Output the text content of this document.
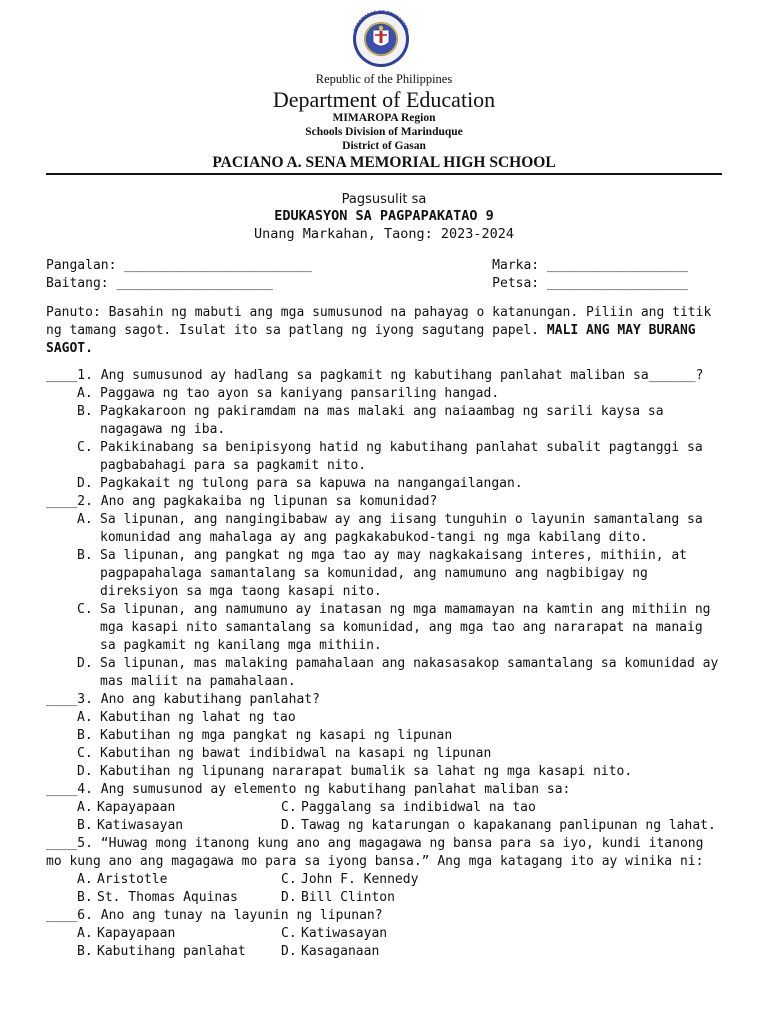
KAGAWARAN NG EDUKASYON
REPUBLIKA NG PILIPINAS
Republic of the Philippines
Department of Education
MIMAROPA Region
Schools Division of Marinduque
District of Gasan
PACIANO A. SENA MEMORIAL HIGH SCHOOL
Pagsusulit sa
EDUKASYON SA PAGPAPAKATAO 9
Unang Markahan, Taong: 2023-2024
Pangalan: ________________________
Baitang: ____________________
Marka: __________________
Petsa: __________________
Panuto: Basahin ng mabuti ang mga sumusunod na pahayag o katanungan. Piliin ang titik ng tamang sagot. Isulat ito sa patlang ng iyong sagutang papel. MALI ANG MAY BURANG SAGOT.
____1. Ang sumusunod ay hadlang sa pagkamit ng kabutihang panlahat maliban sa______?
A. Paggawa ng tao ayon sa kaniyang pansariling hangad.
B. Pagkakaroon ng pakiramdam na mas malaki ang naiaambag ng sarili kaysa sa nagagawa ng iba.
C. Pakikinabang sa benipisyong hatid ng kabutihang panlahat subalit pagtanggi sa pagbabahagi para sa pagkamit nito.
D. Pagkakait ng tulong para sa kapuwa na nangangailangan.
____2. Ano ang pagkakaiba ng lipunan sa komunidad?
A. Sa lipunan, ang nangingibabaw ay ang iisang tunguhin o layunin samantalang sa komunidad ang mahalaga ay ang pagkakabukod-tangi ng mga kabilang dito.
B. Sa lipunan, ang pangkat ng mga tao ay may nagkakaisang interes, mithiin, at pagpapahalaga samantalang sa komunidad, ang namumuno ang nagbibigay ng direksiyon sa mga taong kasapi nito.
C. Sa lipunan, ang namumuno ay inatasan ng mga mamamayan na kamtin ang mithiin ng mga kasapi nito samantalang sa komunidad, ang mga tao ang nararapat na manaig sa pagkamit ng kanilang mga mithiin.
D. Sa lipunan, mas malaking pamahalaan ang nakasasakop samantalang sa komunidad ay mas maliit na pamahalaan.
____3. Ano ang kabutihang panlahat?
A. Kabutihan ng lahat ng tao
B. Kabutihan ng mga pangkat ng kasapi ng lipunan
C. Kabutihan ng bawat indibidwal na kasapi ng lipunan
D. Kabutihan ng lipunang nararapat bumalik sa lahat ng mga kasapi nito.
____4. Ang sumusunod ay elemento ng kabutihang panlahat maliban sa:
A. Kapayapaan	C. Paggalang sa indibidwal na tao
B. Katiwasayan	D. Tawag ng katarungan o kapakanang panlipunan ng lahat.
____5. “Huwag mong itanong kung ano ang magagawa ng bansa para sa iyo, kundi itanong mo kung ano ang magagawa mo para sa iyong bansa.” Ang mga katagang ito ay winika ni:
A. Aristotle	C. John F. Kennedy
B. St. Thomas Aquinas	D. Bill Clinton
____6. Ano ang tunay na layunin ng lipunan?
A. Kapayapaan	C. Katiwasayan
B. Kabutihang panlahat	D. Kasaganaan
